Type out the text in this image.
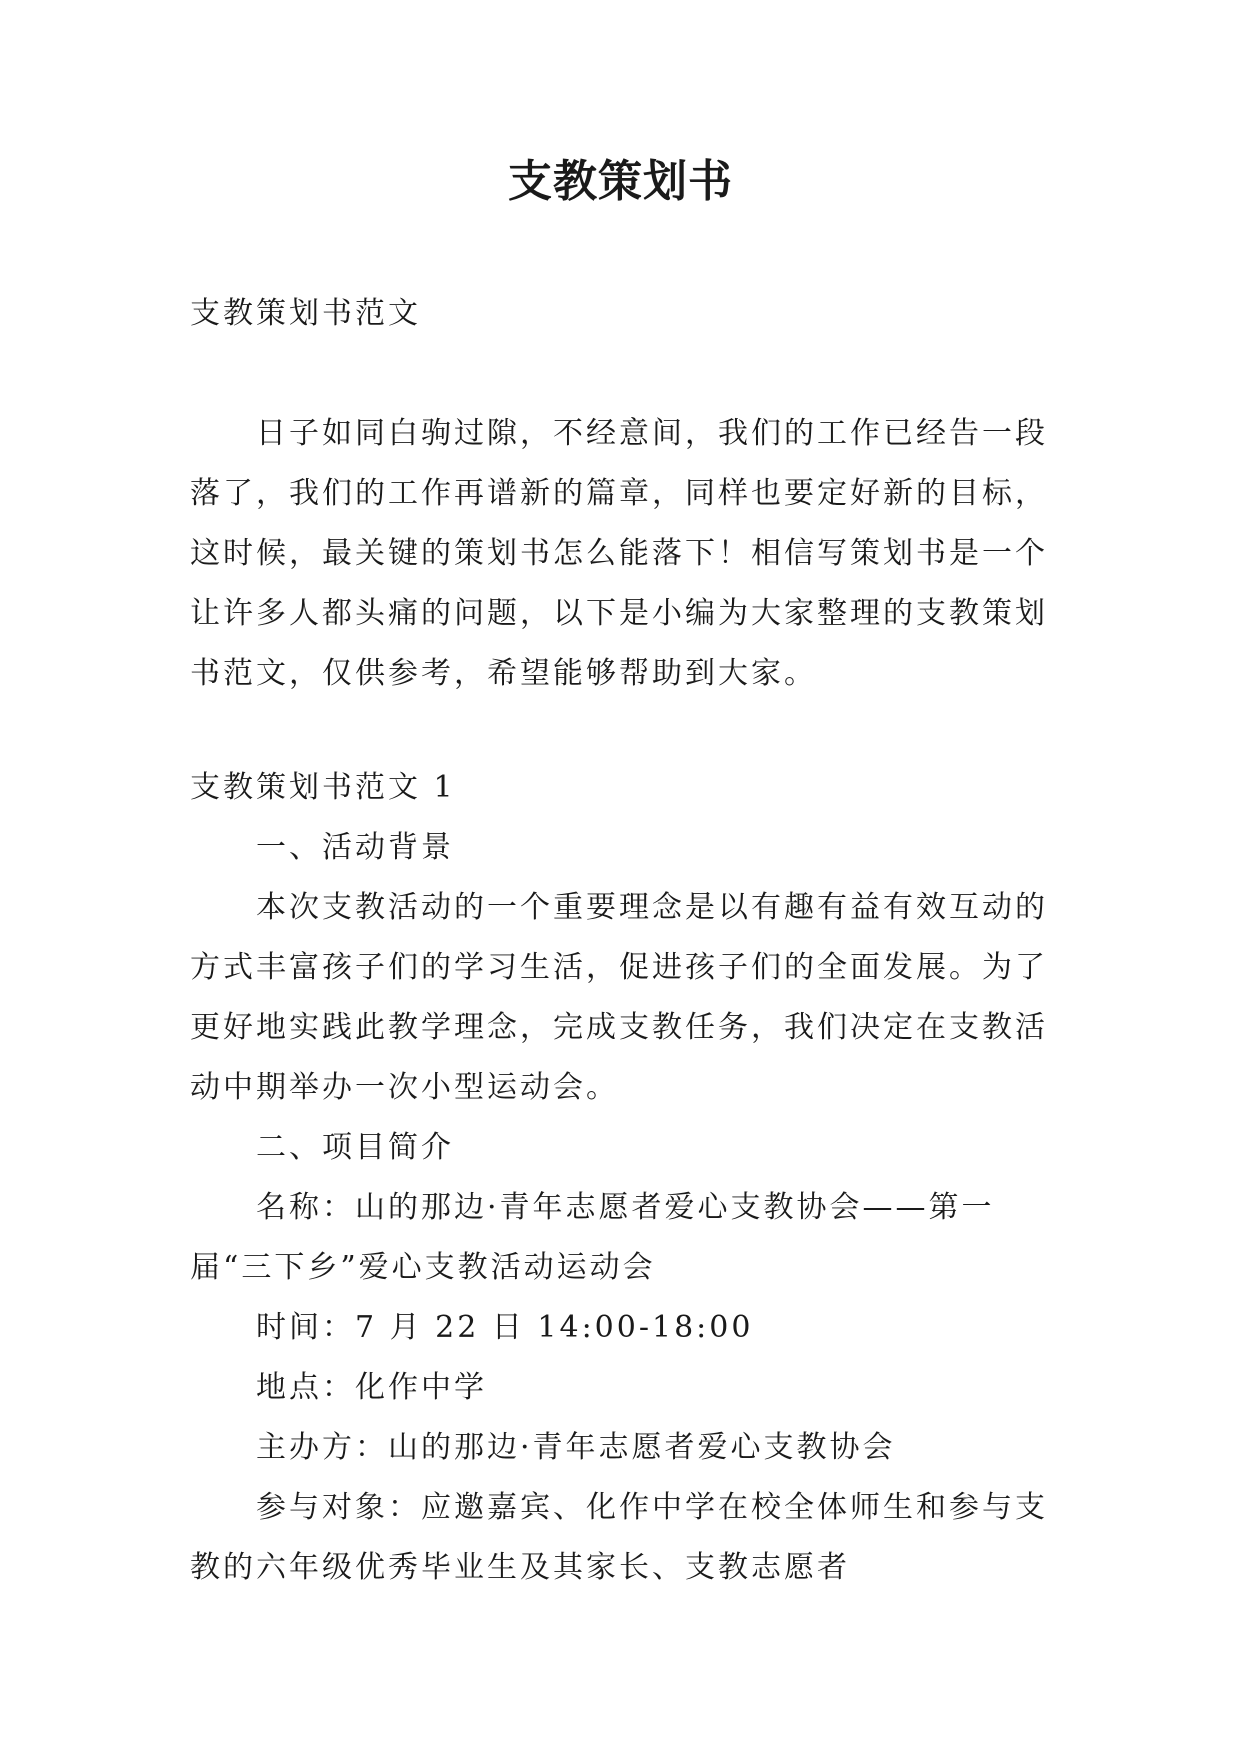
支教策划书

支教策划书范文

日子如同白驹过隙，不经意间，我们的工作已经告一段落了，我们的工作再谱新的篇章，同样也要定好新的目标，这时候，最关键的策划书怎么能落下！相信写策划书是一个让许多人都头痛的问题，以下是小编为大家整理的支教策划书范文，仅供参考，希望能够帮助到大家。

支教策划书范文 1

一、活动背景

本次支教活动的一个重要理念是以有趣有益有效互动的方式丰富孩子们的学习生活，促进孩子们的全面发展。为了更好地实践此教学理念，完成支教任务，我们决定在支教活动中期举办一次小型运动会。

二、项目简介

名称：山的那边·青年志愿者爱心支教协会——第一届“三下乡”爱心支教活动运动会

时间：7 月 22 日 14:00-18:00

地点：化作中学

主办方：山的那边·青年志愿者爱心支教协会

参与对象：应邀嘉宾、化作中学在校全体师生和参与支教的六年级优秀毕业生及其家长、支教志愿者
